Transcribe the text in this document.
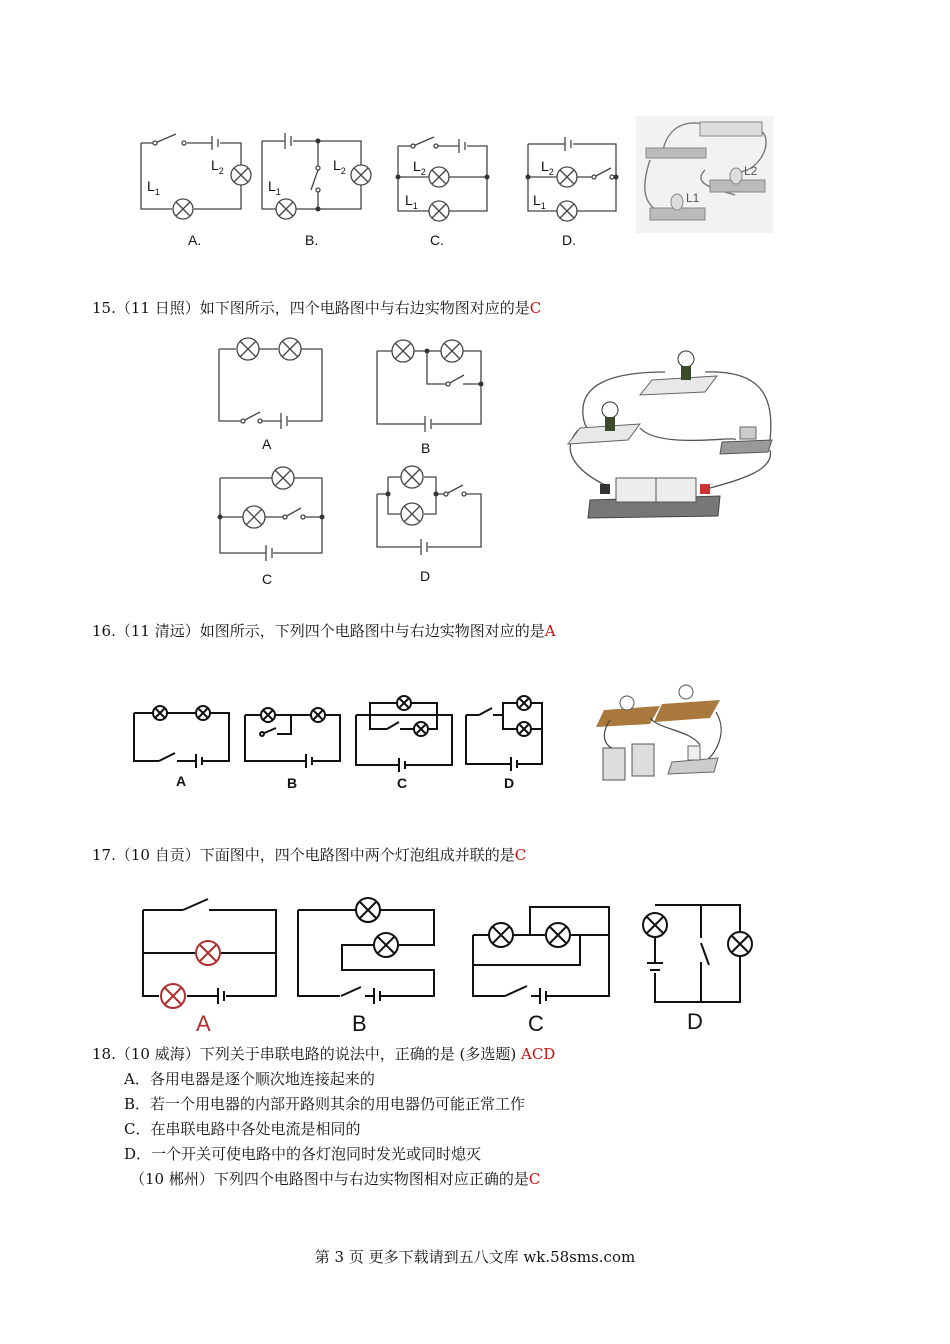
$L_2$
$L_1$
$L_2$
$L_1$
$L_2$
$L_1$
$L_2$
$L_1$
A.	B.	C.	D.
L2
L1
15.（11 日照）如下图所示，四个电路图中与右边实物图对应的是C
A	B
C	D
16.（11 清远）如图所示，下列四个电路图中与右边实物图对应的是A
A	B	C	D
17.（10 自贡）下面图中，四个电路图中两个灯泡组成并联的是C
A	B	C	D
18.（10 威海）下列关于串联电路的说法中，正确的是 (多选题) ACD
A．各用电器是逐个顺次地连接起来的
B．若一个用电器的内部开路则其余的用电器仍可能正常工作
C．在串联电路中各处电流是相同的
D．一个开关可使电路中的各灯泡同时发光或同时熄灭
（10 郴州）下列四个电路图中与右边实物图相对应正确的是C
第 3 页 更多下载请到五八文库 wk.58sms.com
